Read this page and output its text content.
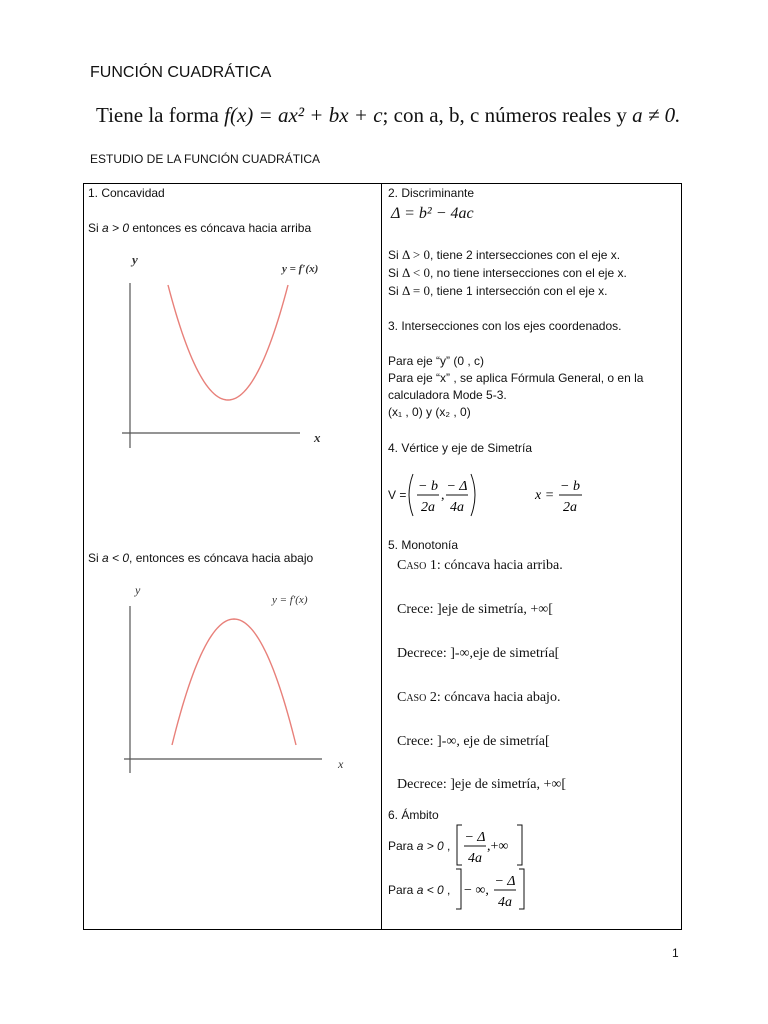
FUNCIÓN CUADRÁTICA
Tiene la forma f(x) = ax² + bx + c; con a, b, c números reales y a ≠ 0.
ESTUDIO DE LA FUNCIÓN CUADRÁTICA
1. Concavidad
Si a > 0 entonces es cóncava hacia arriba
y
x
y = f′(x)
Si a < 0, entonces es cóncava hacia abajo
y
x
y = f′(x)
2. Discriminante
Δ = b² − 4ac
Si Δ > 0, tiene 2 intersecciones con el eje x.
Si Δ < 0, no tiene intersecciones con el eje x.
Si Δ = 0, tiene 1 intersección con el eje x.
3. Intersecciones con los ejes coordenados.
Para eje “y” (0 , c)
Para eje “x” , se aplica Fórmula General, o en la
calculadora Mode 5-3.
(x₁ , 0) y (x₂ , 0)
4. Vértice y eje de Simetría
V =
− b
2a
,
− Δ
4a
x =
− b
2a
5. Monotonía
Caso 1: cóncava hacia arriba.
Crece: ]eje de simetría, +∞[
Decrece: ]-∞,eje de simetría[
Caso 2: cóncava hacia abajo.
Crece: ]-∞, eje de simetría[
Decrece: ]eje de simetría, +∞[
6. Ámbito
Para a > 0 ,
− Δ
4a
,+∞
Para a < 0 , − ∞,
− Δ
4a
1
